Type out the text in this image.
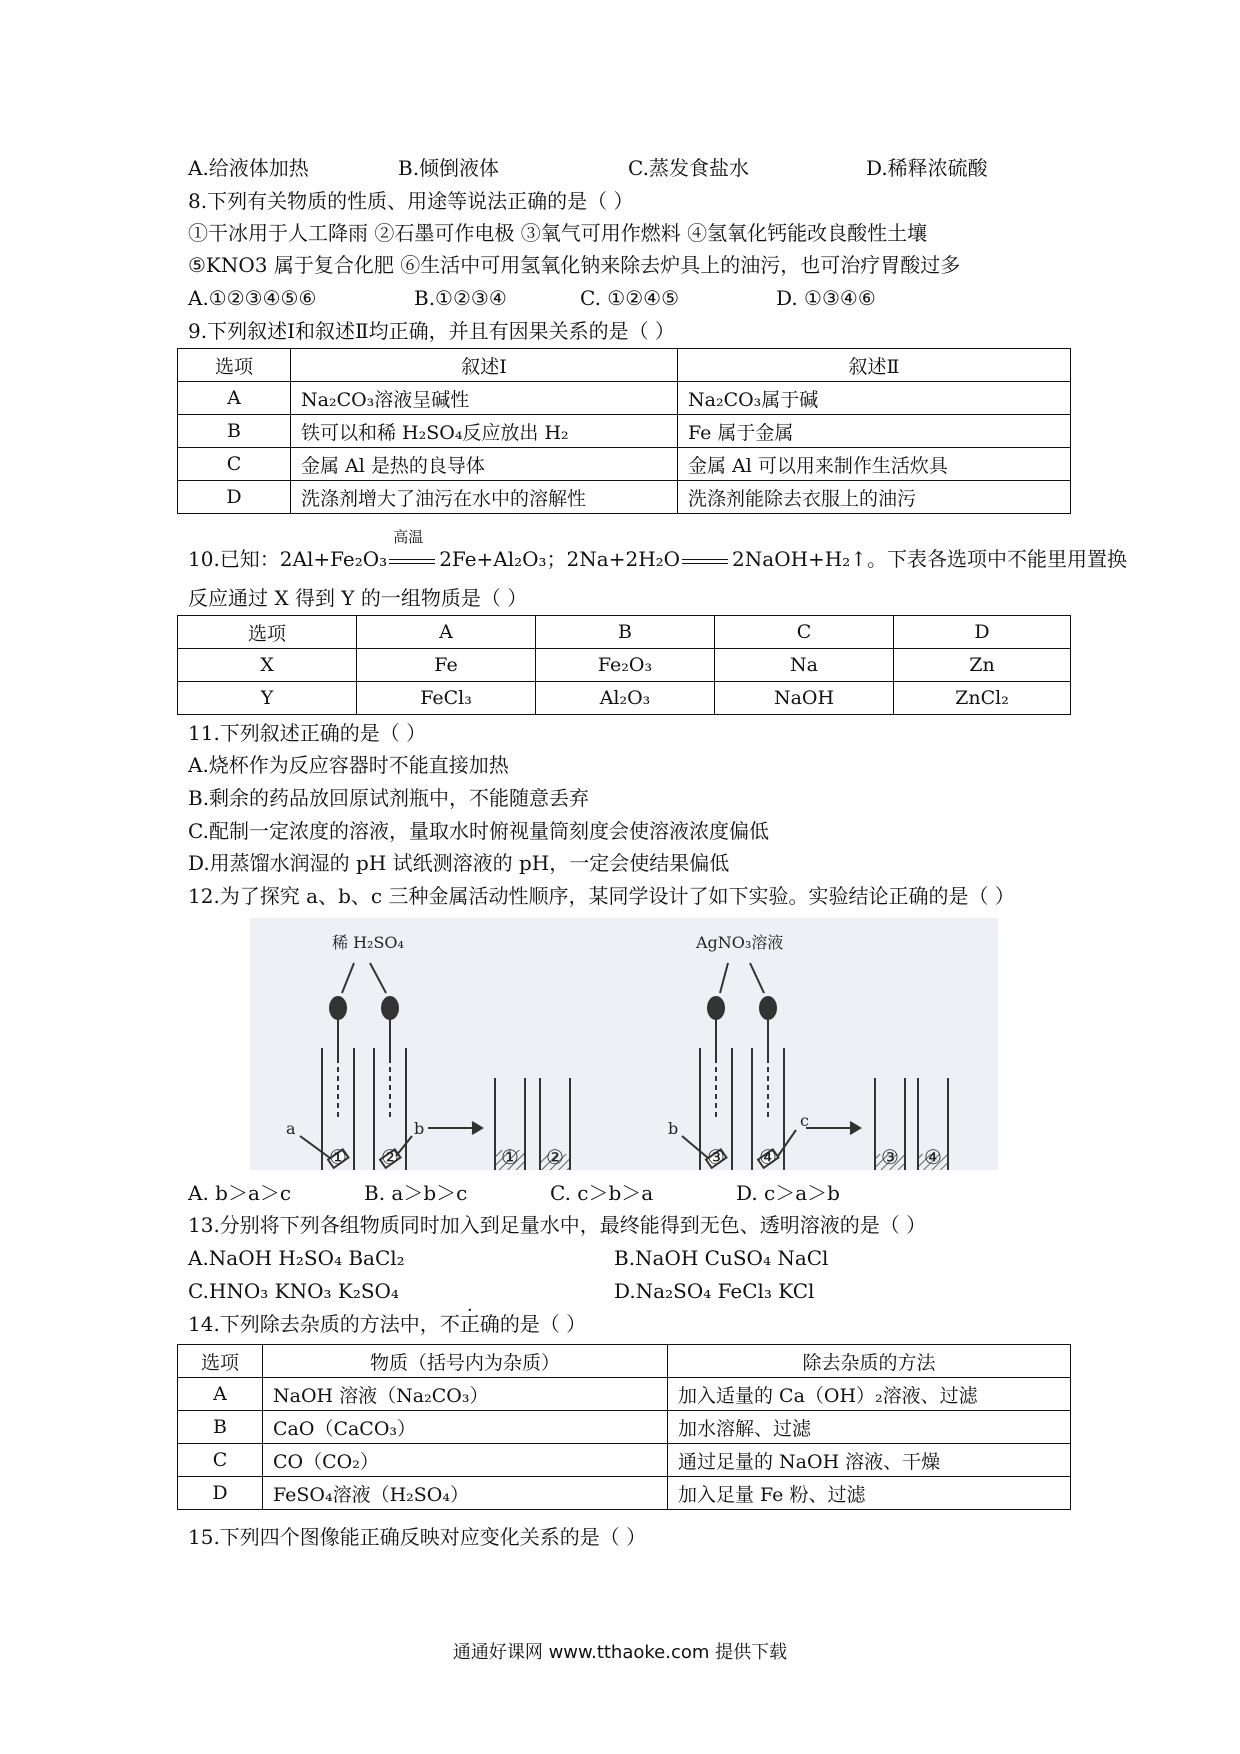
A.给液体加热	B.倾倒液体	C.蒸发食盐水	D.稀释浓硫酸
8.下列有关物质的性质、用途等说法正确的是（ ）
①干冰用于人工降雨 ②石墨可作电极 ③氧气可用作燃料 ④氢氧化钙能改良酸性土壤
⑤KNO3 属于复合化肥 ⑥生活中可用氢氧化钠来除去炉具上的油污，也可治疗胃酸过多
A.①②③④⑤⑥	B.①②③④	C. ①②④⑤	D. ①③④⑥
9.下列叙述Ⅰ和叙述Ⅱ均正确，并且有因果关系的是（ ）
选项	叙述Ⅰ	叙述Ⅱ
A	Na₂CO₃溶液呈碱性	Na₂CO₃属于碱
B	铁可以和稀 H₂SO₄反应放出 H₂	Fe 属于金属
C	金属 Al 是热的良导体	金属 Al 可以用来制作生活炊具
D	洗涤剂增大了油污在水中的溶解性	洗涤剂能除去衣服上的油污
10.已知：2Al+Fe₂O₃
高温
2Fe+Al₂O₃；2Na+2H₂O	2NaOH+H₂↑。下表各选项中不能里用置换
反应通过 X 得到 Y 的一组物质是（ ）
选项	A	B	C	D
X	Fe	Fe₂O₃	Na	Zn
Y	FeCl₃	Al₂O₃	NaOH	ZnCl₂
11.下列叙述正确的是（ ）
A.烧杯作为反应容器时不能直接加热
B.剩余的药品放回原试剂瓶中，不能随意丢弃
C.配制一定浓度的溶液，量取水时俯视量筒刻度会使溶液浓度偏低
D.用蒸馏水润湿的 pH 试纸测溶液的 pH，一定会使结果偏低
12.为了探究 a、b、c 三种金属活动性顺序，某同学设计了如下实验。实验结论正确的是（ ）
稀 H₂SO₄	AgNO₃溶液
a	b	b	c
① ②	① ②	③ ④	③ ④
A. b＞a＞c	B. a＞b＞c	C. c＞b＞a	D. c＞a＞b
13.分别将下列各组物质同时加入到足量水中，最终能得到无色、透明溶液的是（ ）
A.NaOH H₂SO₄ BaCl₂	B.NaOH CuSO₄ NaCl
C.HNO₃ KNO₃ K₂SO₄	D.Na₂SO₄ FeCl₃ KCl
14.下列除去杂质的方法中，不正确的是（ ）
选项	物质（括号内为杂质）	除去杂质的方法
A	NaOH 溶液（Na₂CO₃）	加入适量的 Ca（OH）₂溶液、过滤
B	CaO（CaCO₃）	加水溶解、过滤
C	CO（CO₂）	通过足量的 NaOH 溶液、干燥
D	FeSO₄溶液（H₂SO₄）	加入足量 Fe 粉、过滤
15.下列四个图像能正确反映对应变化关系的是（ ）
通通好课网 www.tthaoke.com 提供下载
